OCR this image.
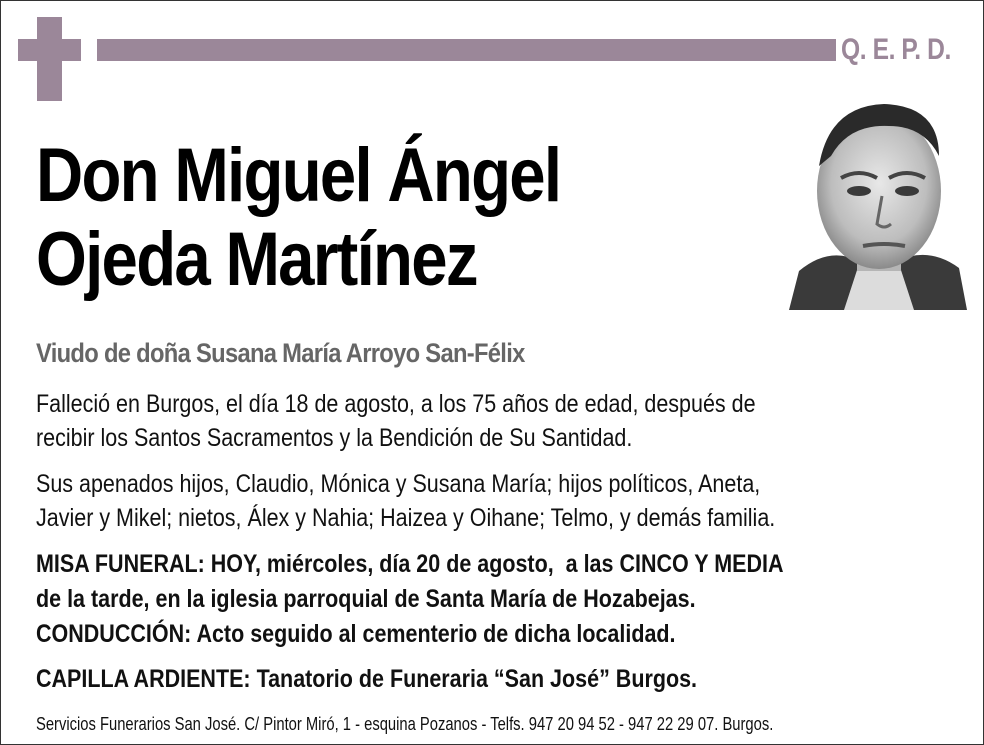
Q. E. P. D.
Don Miguel Ángel
Ojeda Martínez
Viudo de doña Susana María Arroyo San-Félix
Falleció en Burgos, el día 18 de agosto, a los 75 años de edad, después de
recibir los Santos Sacramentos y la Bendición de Su Santidad.
Sus apenados hijos, Claudio, Mónica y Susana María; hijos políticos, Aneta,
Javier y Mikel; nietos, Álex y Nahia; Haizea y Oihane; Telmo, y demás familia.
MISA FUNERAL: HOY, miércoles, día 20 de agosto,  a las CINCO Y MEDIA
de la tarde, en la iglesia parroquial de Santa María de Hozabejas.
CONDUCCIÓN: Acto seguido al cementerio de dicha localidad.
CAPILLA ARDIENTE: Tanatorio de Funeraria “San José” Burgos.
Servicios Funerarios San José. C/ Pintor Miró, 1 - esquina Pozanos - Telfs. 947 20 94 52 - 947 22 29 07. Burgos.
